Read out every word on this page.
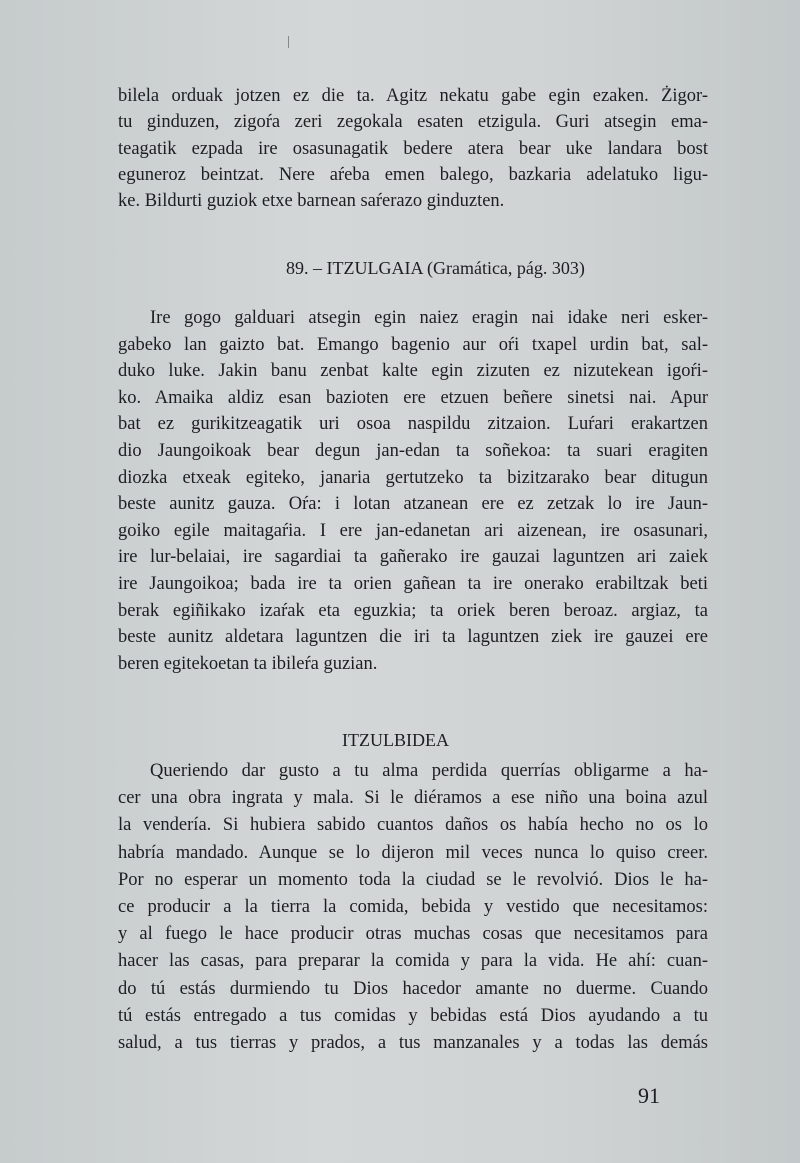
bilela orduak jotzen ez die ta. Agitz nekatu gabe egin ezaken. Żigor-
tu ginduzen, zigoŕa zeri zegokala esaten etzigula. Guri atsegin ema-
teagatik ezpada ire osasunagatik bedere atera bear uke landara bost
eguneroz beintzat. Nere aŕeba emen balego, bazkaria adelatuko ligu-
ke. Bildurti guziok etxe barnean saŕerazo ginduzten.
89. – ITZULGAIA (Gramática, pág. 303)
Ire gogo galduari atsegin egin naiez eragin nai idake neri esker-
gabeko lan gaizto bat. Emango bagenio aur oŕi txapel urdin bat, sal-
duko luke. Jakin banu zenbat kalte egin zizuten ez nizutekean igoŕi-
ko. Amaika aldiz esan bazioten ere etzuen beñere sinetsi nai. Apur
bat ez gurikitzeagatik uri osoa naspildu zitzaion. Luŕari erakartzen
dio Jaungoikoak bear degun jan-edan ta soñekoa: ta suari eragiten
diozka etxeak egiteko, janaria gertutzeko ta bizitzarako bear ditugun
beste aunitz gauza. Oŕa: i lotan atzanean ere ez zetzak lo ire Jaun-
goiko egile maitagaŕia. I ere jan-edanetan ari aizenean, ire osasunari,
ire lur-belaiai, ire sagardiai ta gañerako ire gauzai laguntzen ari zaiek
ire Jaungoikoa; bada ire ta orien gañean ta ire onerako erabiltzak beti
berak egiñikako izaŕak eta eguzkia; ta oriek beren beroaz. argiaz, ta
beste aunitz aldetara laguntzen die iri ta laguntzen ziek ire gauzei ere
beren egitekoetan ta ibileŕa guzian.
ITZULBIDEA
Queriendo dar gusto a tu alma perdida querrías obligarme a ha-
cer una obra ingrata y mala. Si le diéramos a ese niño una boina azul
la vendería. Si hubiera sabido cuantos daños os había hecho no os lo
habría mandado. Aunque se lo dijeron mil veces nunca lo quiso creer.
Por no esperar un momento toda la ciudad se le revolvió. Dios le ha-
ce producir a la tierra la comida, bebida y vestido que necesitamos:
y al fuego le hace producir otras muchas cosas que necesitamos para
hacer las casas, para preparar la comida y para la vida. He ahí: cuan-
do tú estás durmiendo tu Dios hacedor amante no duerme. Cuando
tú estás entregado a tus comidas y bebidas está Dios ayudando a tu
salud, a tus tierras y prados, a tus manzanales y a todas las demás
91
